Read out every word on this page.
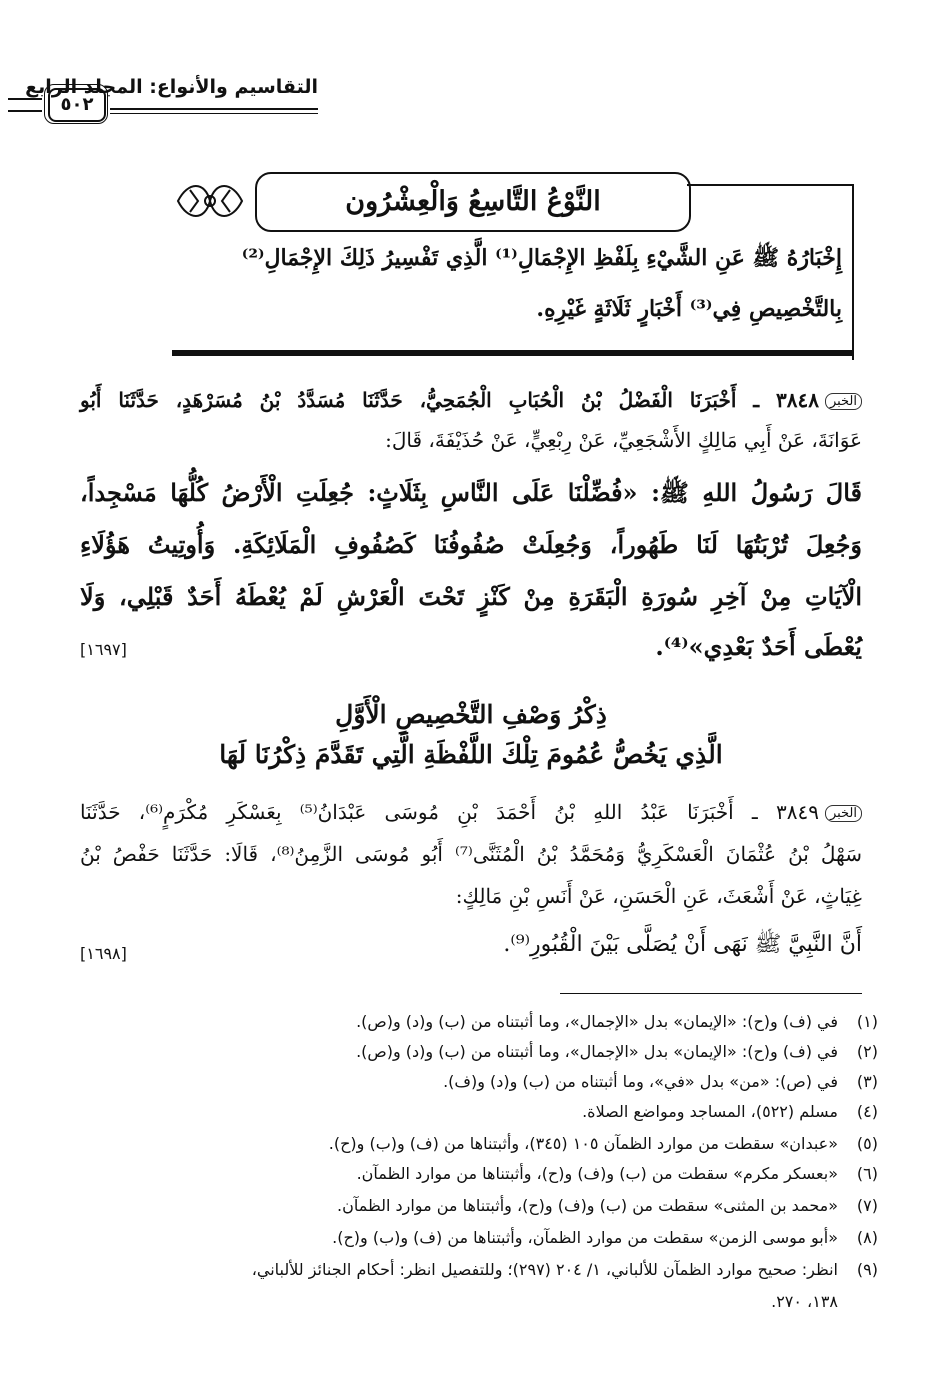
التقاسيم والأنواع: المجلد الرابع
٥٠٢
النَّوْعُ التَّاسِعُ وَالْعِشْرُون
إِخْبَارُهُ ﷺ عَنِ الشَّيْءِ بِلَفْظِ الإِجْمَالِ⁽¹⁾ الَّذِي تَفْسِيرُ ذَلِكَ الإِجْمَالِ⁽²⁾
بِالتَّخْصِيصِ فِي⁽³⁾ أَخْبَارٍ ثَلَاثَةٍ غَيْرِهِ.
الخبر٣٨٤٨ ـ أَخْبَرَنَا الْفَضْلُ بْنُ الْحُبَابِ الْجُمَحِيُّ، حَدَّثَنَا مُسَدَّدُ بْنُ مُسَرْهَدٍ، حَدَّثَنَا أَبُو
عَوَانَةَ، عَنْ أَبِي مَالِكٍ الأَشْجَعِيِّ، عَنْ رِبْعِيٍّ، عَنْ حُذَيْفَةَ، قَالَ:
قَالَ رَسُولُ اللهِ ﷺ: «فُضِّلْنَا عَلَى النَّاسِ بِثَلَاثٍ: جُعِلَتِ الْأَرْضُ كُلُّهَا مَسْجِداً،
وَجُعِلَ تُرْبَتُهَا لَنَا طَهُوراً، وَجُعِلَتْ صُفُوفُنَا كَصُفُوفِ الْمَلَائِكَةِ. وَأُوتِيتُ هَؤُلَاءِ
الْآيَاتِ مِنْ آخِرِ سُورَةِ الْبَقَرَةِ مِنْ كَنْزٍ تَحْتَ الْعَرْشِ لَمْ يُعْطَهُ أَحَدٌ قَبْلِي، وَلَا
يُعْطَى أَحَدٌ بَعْدِي»⁽⁴⁾.
[١٦٩٧]
ذِكْرُ وَصْفِ التَّخْصِيصِ الْأَوَّلِ
الَّذِي يَخُصُّ عُمُومَ تِلْكَ اللَّفْظَةِ الَّتِي تَقَدَّمَ ذِكْرُنَا لَهَا
الخبر٣٨٤٩ ـ أَخْبَرَنَا عَبْدُ اللهِ بْنُ أَحْمَدَ بْنِ مُوسَى عَبْدَانُ⁽⁵⁾ بِعَسْكَرِ مُكْرَمٍ⁽⁶⁾، حَدَّثَنَا
سَهْلُ بْنُ عُثْمَانَ الْعَسْكَرِيُّ وَمُحَمَّدُ بْنُ الْمُثَنَّى⁽⁷⁾ أَبُو مُوسَى الزَّمِنُ⁽⁸⁾، قَالَا: حَدَّثَنَا حَفْصُ بْنُ
غِيَاثٍ، عَنْ أَشْعَثَ، عَنِ الْحَسَنِ، عَنْ أَنَسِ بْنِ مَالِكٍ:
أَنَّ النَّبِيَّ ﷺ نَهَى أَنْ يُصَلَّى بَيْنَ الْقُبُورِ⁽⁹⁾.
[١٦٩٨]
(١)في (ف) و(ح): «الإيمان» بدل «الإجمال»، وما أثبتناه من (ب) و(د) و(ص).
(٢)في (ف) و(ح): «الإيمان» بدل «الإجمال»، وما أثبتناه من (ب) و(د) و(ص).
(٣)في (ص): «من» بدل «في»، وما أثبتناه من (ب) و(د) و(ف).
(٤)مسلم (٥٢٢)، المساجد ومواضع الصلاة.
(٥)«عبدان» سقطت من موارد الظمآن ١٠٥ (٣٤٥)، وأثبتناها من (ف) و(ب) و(ح).
(٦)«بعسكر مكرم» سقطت من (ب) و(ف) و(ح)، وأثبتناها من موارد الظمآن.
(٧)«محمد بن المثنى» سقطت من (ب) و(ف) و(ح)، وأثبتناها من موارد الظمآن.
(٨)«أبو موسى الزمن» سقطت من موارد الظمآن، وأثبتناها من (ف) و(ب) و(ح).
(٩)انظر: صحيح موارد الظمآن للألباني، ١/ ٢٠٤ (٢٩٧)؛ وللتفصيل انظر: أحكام الجنائز للألباني،
١٣٨، ٢٧٠.
